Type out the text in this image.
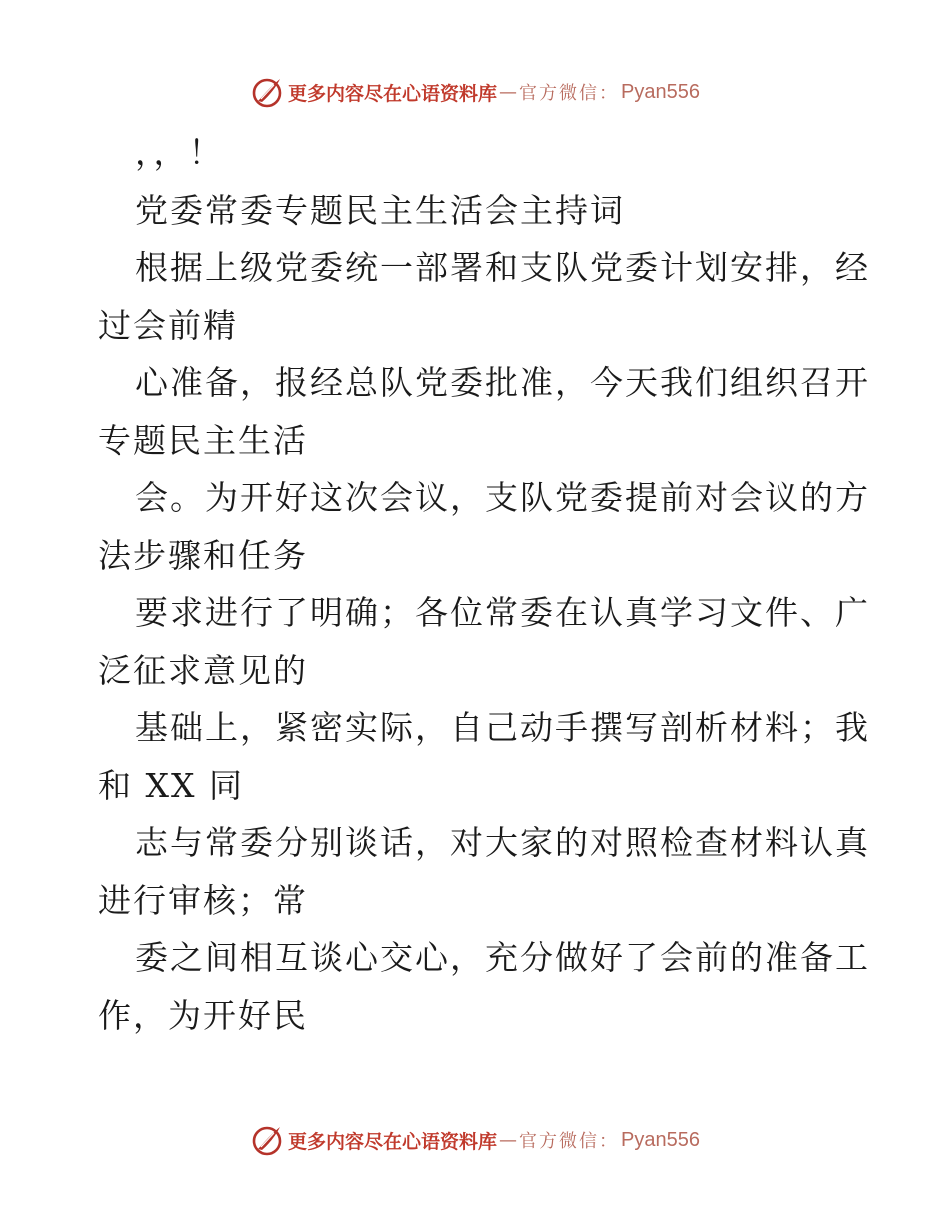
更多内容尽在心语资料库 — 官方微信： Pyan556
，，！
党委常委专题民主生活会主持词
根据上级党委统一部署和支队党委计划安排，经
过会前精
心准备，报经总队党委批准，今天我们组织召开
专题民主生活
会。为开好这次会议，支队党委提前对会议的方
法步骤和任务
要求进行了明确；各位常委在认真学习文件、广
泛征求意见的
基础上，紧密实际，自己动手撰写剖析材料；我
和 XX 同
志与常委分别谈话，对大家的对照检查材料认真
进行审核；常
委之间相互谈心交心，充分做好了会前的准备工
作，为开好民
更多内容尽在心语资料库 — 官方微信： Pyan556
